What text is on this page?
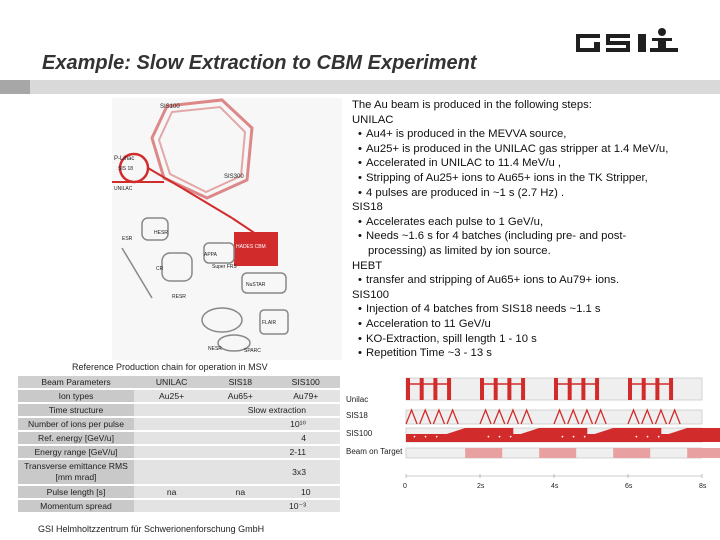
Example: Slow Extraction to CBM Experiment
SIS100
P-Linac
SIS 18
UNILAC
SIS300
HESR
CR
RESR
NESR
HADES CBM
APPA
NuSTAR
FLAIR
SPARC
ESR
Super FRS
The Au beam is produced in the following steps:
UNILAC
• Au4+ is produced in the MEVVA source,
• Au25+ is produced in the UNILAC gas stripper at 1.4 MeV/u,
• Accelerated in UNILAC to 11.4 MeV/u ,
• Stripping of Au25+ ions to Au65+ ions in the TK Stripper,
• 4 pulses are produced in ~1 s (2.7 Hz) .
SIS18
• Accelerates each pulse to 1 GeV/u,
• Needs ~1.6 s for 4 batches (including pre- and post-
processing) as limited by ion source.
HEBT
• transfer and stripping of Au65+ ions to Au79+ ions.
SIS100
• Injection of 4 batches from SIS18 needs ~1.1 s
• Acceleration to 11 GeV/u
• KO-Extraction, spill length 1 - 10 s
• Repetition Time ~3 - 13 s
Reference Production chain for operation in MSV
Beam Parameters	UNILAC	SIS18	SIS100
Ion types	Au25+	Au65+	Au79+
Time structure	Slow extraction		
Number of ions per pulse	10¹⁰		
Ref. energy [GeV/u]	4		
Energy range [GeV/u]	2-11		
Transverse emittance RMS [mm mrad]	3x3		
Pulse length [s]	na	na	10
Momentum spread	10⁻³		
Unilac
SIS18
SIS100
Beam on Target
• • •	• • •	• • •	• • •
0	2s	4s	6s	8s
GSI Helmholtzzentrum für Schwerionenforschung GmbH
